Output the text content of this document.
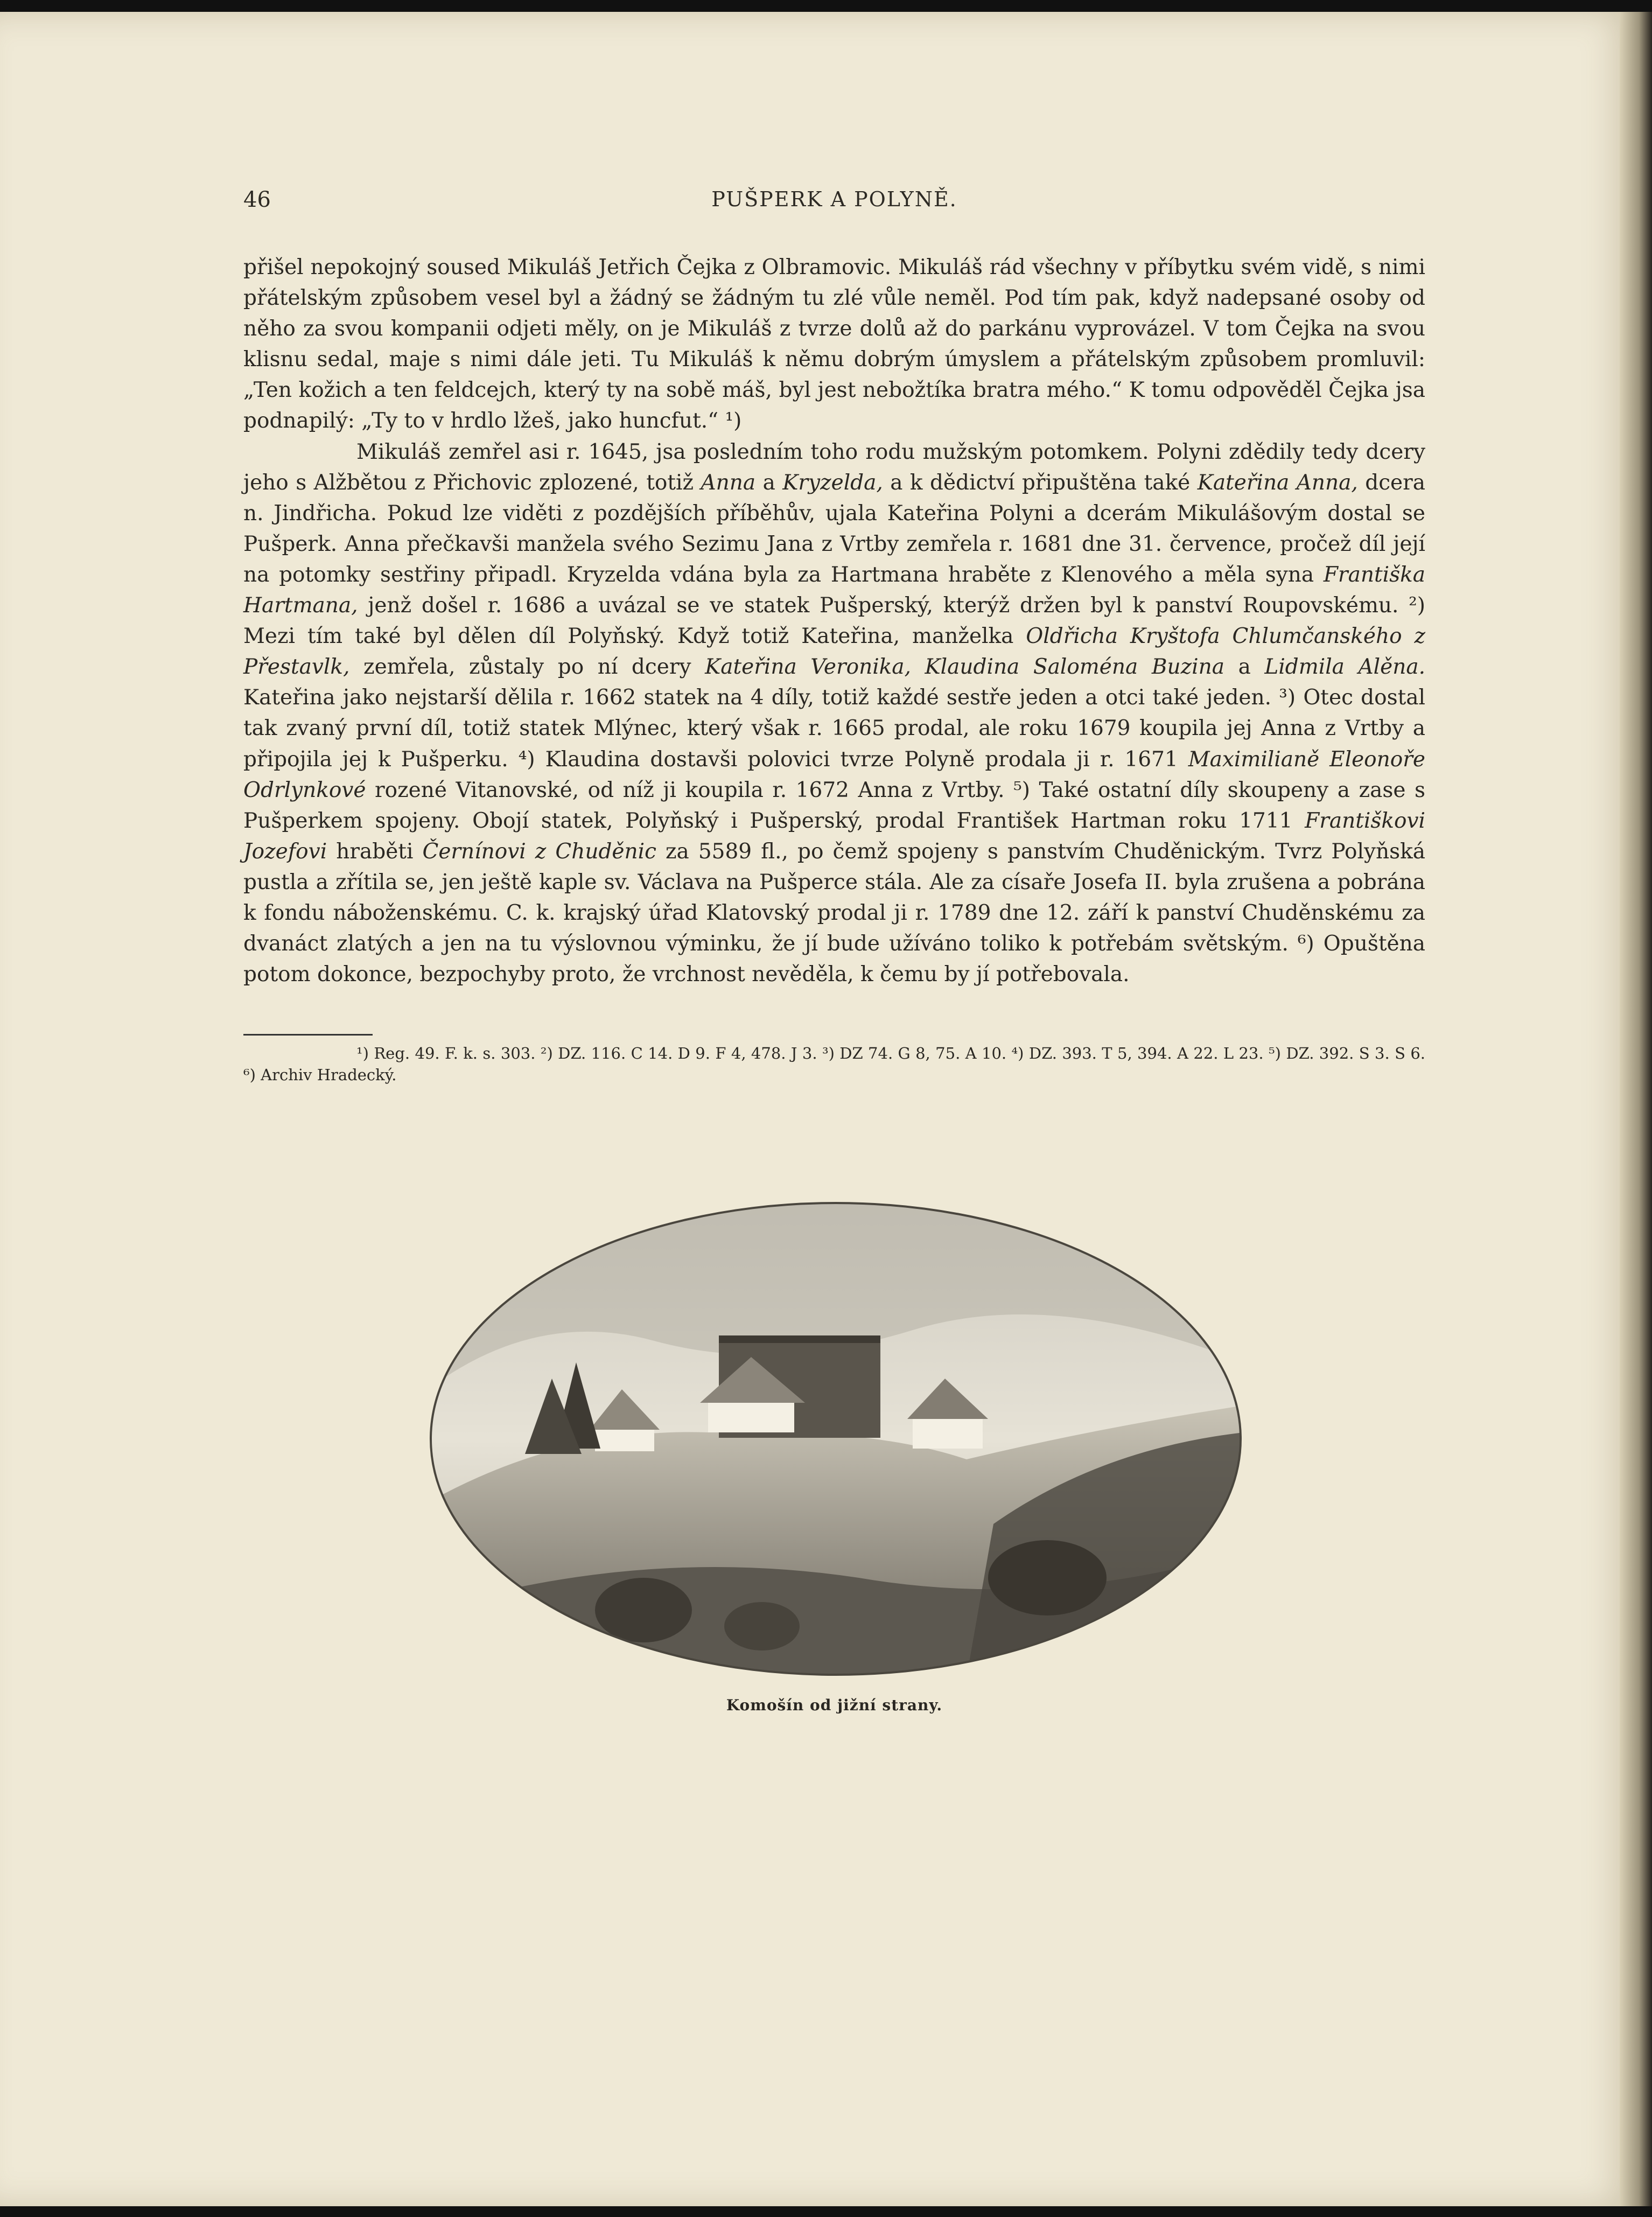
46	PUŠPERK A POLYNĚ.

přišel nepokojný soused Mikuláš Jetřich Čejka z Olbramovic. Mikuláš rád všechny v příbytku svém vidě, s nimi přátelským způsobem vesel byl a žádný se žádným tu zlé vůle neměl. Pod tím pak, když nadepsané osoby od něho za svou kompanii odjeti měly, on je Mikuláš z tvrze dolů až do parkánu vyprovázel. V tom Čejka na svou klisnu sedal, maje s nimi dále jeti. Tu Mikuláš k němu dobrým úmyslem a přátelským způsobem promluvil: „Ten kožich a ten feldcejch, který ty na sobě máš, byl jest nebožtíka bratra mého.“ K tomu odpověděl Čejka jsa podnapilý: „Ty to v hrdlo lžeš, jako huncfut.“ ¹)

Mikuláš zemřel asi r. 1645, jsa posledním toho rodu mužským potomkem. Polyni zdědily tedy dcery jeho s Alžbětou z Přichovic zplozené, totiž Anna a Kryzelda, a k dědictví připuštěna také Kateřina Anna, dcera n. Jindřicha. Pokud lze viděti z pozdějších příběhův, ujala Kateřina Polyni a dcerám Mikulášovým dostal se Pušperk. Anna přečkavši manžela svého Sezimu Jana z Vrtby zemřela r. 1681 dne 31. července, pročež díl její na potomky sestřiny připadl. Kryzelda vdána byla za Hartmana hraběte z Klenového a měla syna Františka Hartmana, jenž došel r. 1686 a uvázal se ve statek Pušperský, kterýž držen byl k panství Roupovskému. ²) Mezi tím také byl dělen díl Polyňský. Když totiž Kateřina, manželka Oldřicha Kryštofa Chlumčanského z Přestavlk, zemřela, zůstaly po ní dcery Kateřina Veronika, Klaudina Saloména Buzina a Lidmila Alěna. Kateřina jako nejstarší dělila r. 1662 statek na 4 díly, totiž každé sestře jeden a otci také jeden. ³) Otec dostal tak zvaný první díl, totiž statek Mlýnec, který však r. 1665 prodal, ale roku 1679 koupila jej Anna z Vrtby a připojila jej k Pušperku. ⁴) Klaudina dostavši polovici tvrze Polyně prodala ji r. 1671 Maximilianě Eleonoře Odrlynkové rozené Vitanovské, od níž ji koupila r. 1672 Anna z Vrtby. ⁵) Také ostatní díly skoupeny a zase s Pušperkem spojeny. Obojí statek, Polyňský i Pušperský, prodal František Hartman roku 1711 Františkovi Jozefovi hraběti Černínovi z Chuděnic za 5589 fl., po čemž spojeny s panstvím Chuděnickým. Tvrz Polyňská pustla a zřítila se, jen ještě kaple sv. Václava na Pušperce stála. Ale za císaře Josefa II. byla zrušena a pobrána k fondu náboženskému. C. k. krajský úřad Klatovský prodal ji r. 1789 dne 12. září k panství Chuděnskému za dvanáct zlatých a jen na tu výslovnou výminku, že jí bude užíváno toliko k potřebám světským. ⁶) Opuštěna potom dokonce, bezpochyby proto, že vrchnost nevěděla, k čemu by jí potřebovala.

¹) Reg. 49. F. k. s. 303. ²) DZ. 116. C 14. D 9. F 4, 478. J 3. ³) DZ 74. G 8, 75. A 10. ⁴) DZ. 393. T 5, 394. A 22. L 23. ⁵) DZ. 392. S 3. S 6. ⁶) Archiv Hradecký.
Komošín od jižní strany.
